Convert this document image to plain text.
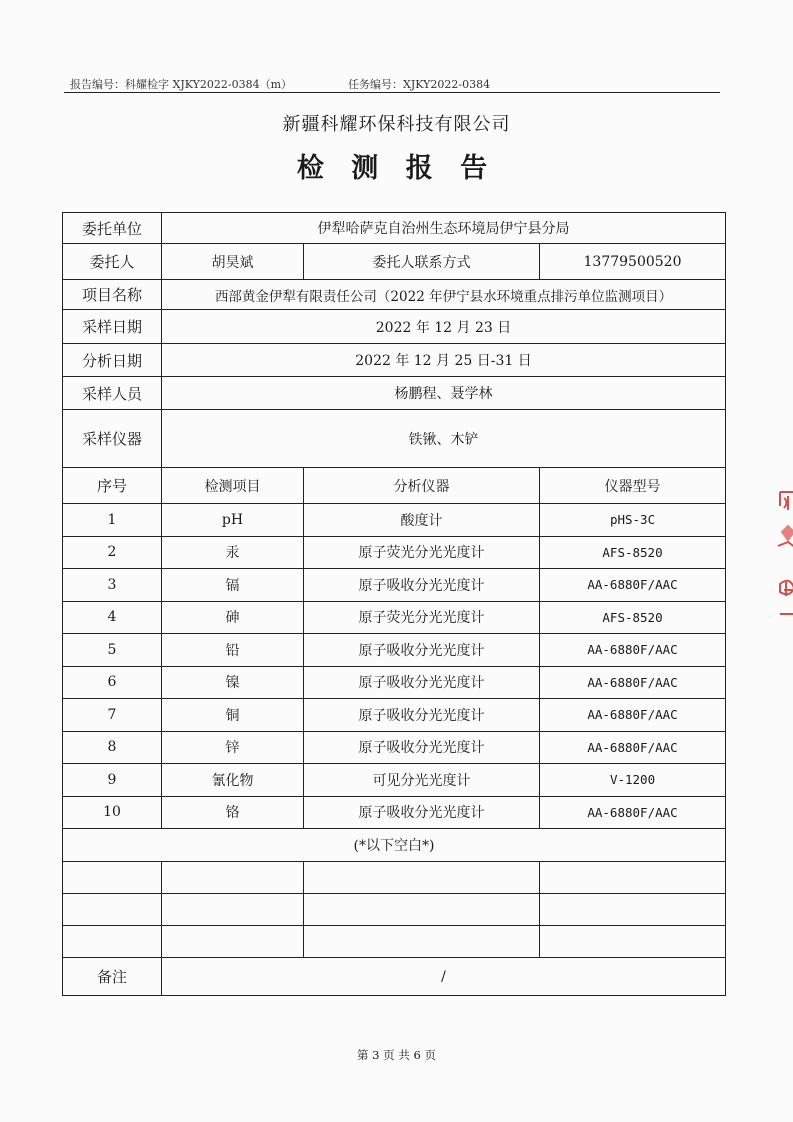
报告编号：科耀检字 XJKY2022-0384（m）	任务编号：XJKY2022-0384
新疆科耀环保科技有限公司
检 测 报 告
委托单位	伊犁哈萨克自治州生态环境局伊宁县分局		
委托人	胡昊斌	委托人联系方式	13779500520
项目名称	西部黄金伊犁有限责任公司（2022 年伊宁县水环境重点排污单位监测项目）		
采样日期	2022 年 12 月 23 日		
分析日期	2022 年 12 月 25 日-31 日		
采样人员	杨鹏程、聂学林		
采样仪器	铁锹、木铲		
序号	检测项目	分析仪器	仪器型号
1	pH	酸度计	pHS-3C
2	汞	原子荧光分光光度计	AFS-8520
3	镉	原子吸收分光光度计	AA-6880F/AAC
4	砷	原子荧光分光光度计	AFS-8520
5	铅	原子吸收分光光度计	AA-6880F/AAC
6	镍	原子吸收分光光度计	AA-6880F/AAC
7	铜	原子吸收分光光度计	AA-6880F/AAC
8	锌	原子吸收分光光度计	AA-6880F/AAC
9	氰化物	可见分光光度计	V-1200
10	铬	原子吸收分光光度计	AA-6880F/AAC
(*以下空白*)			

备注	/		
第 3 页 共 6 页
